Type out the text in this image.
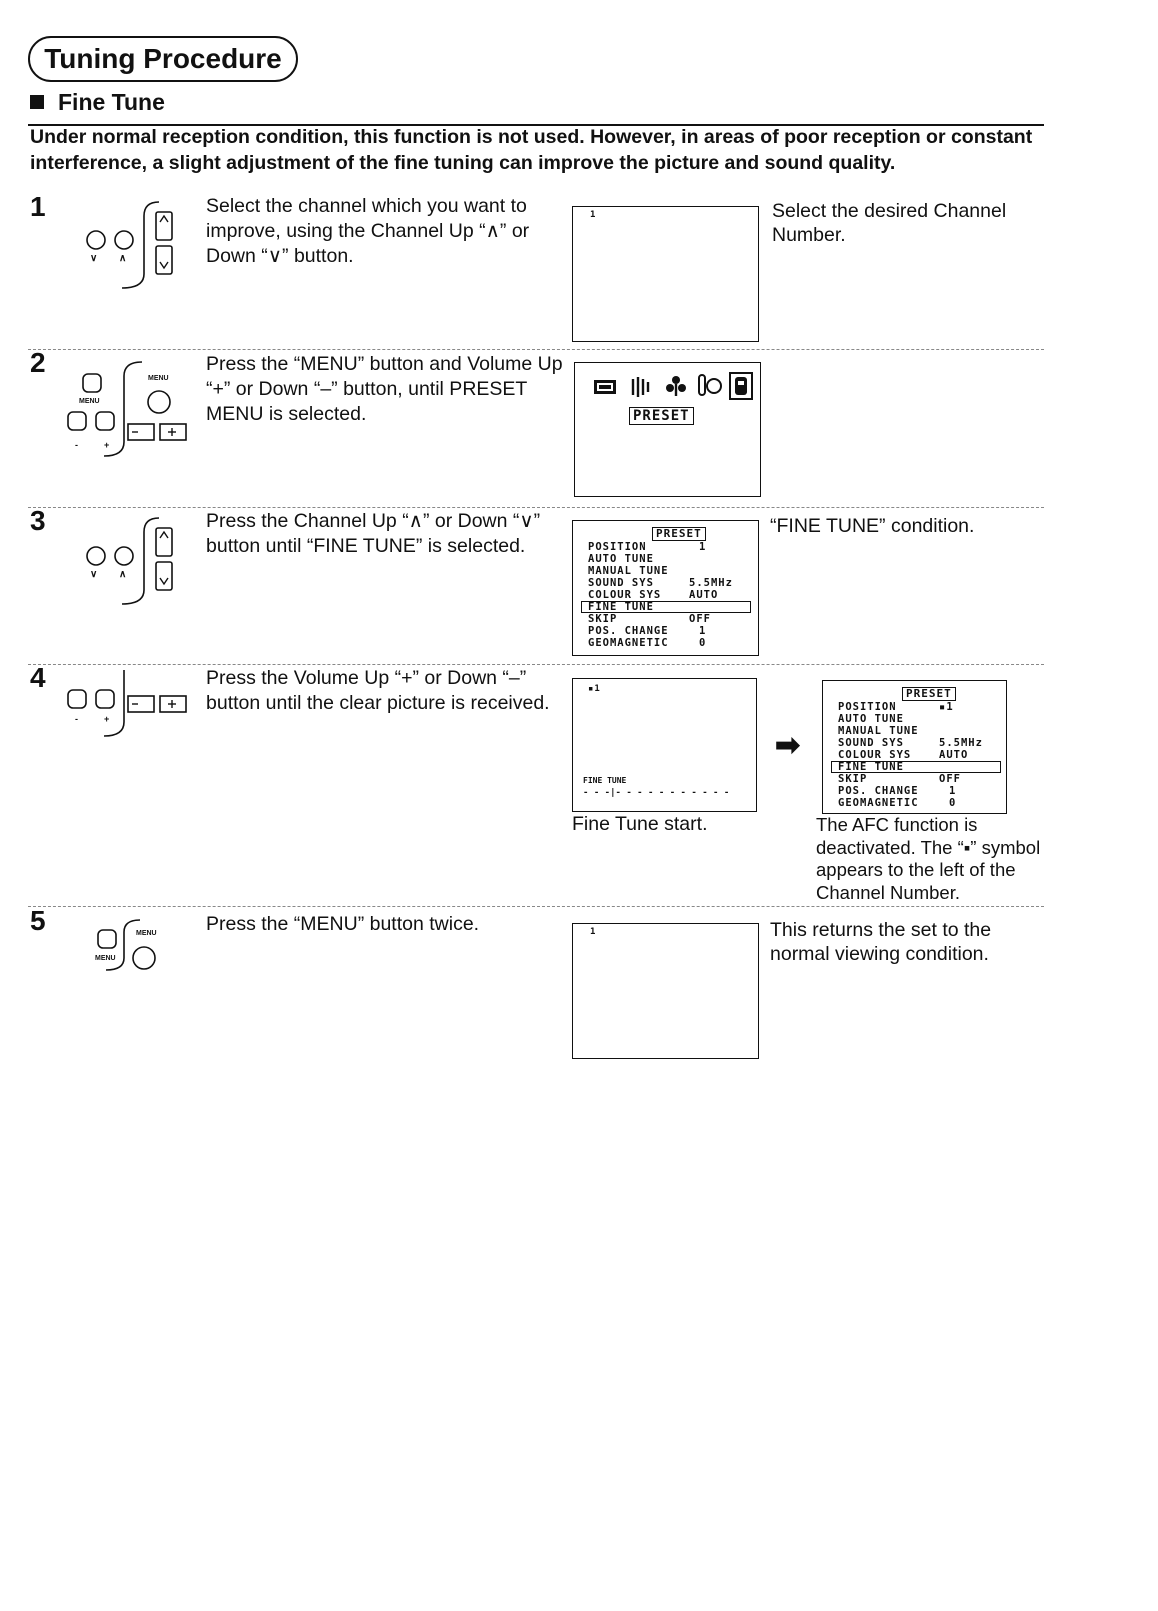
Tuning Procedure
Fine Tune
Under normal reception condition, this function is not used. However, in areas of poor reception or constant interference, a slight adjustment of the fine tuning can improve the picture and sound quality.
1
∨ ∧
Select the channel which you want to improve, using the Channel Up “∧” or Down “∨” button.
1	Select the desired Channel Number.
2
MENU
MENU
-	+
Press the “MENU” button and Volume Up “+” or Down “–” button, until PRESET MENU is selected.	PRESET
3
∨ ∧
Press the Channel Up “∧” or Down “∨” button until “FINE TUNE” is selected.
PRESET
POSITION	1
AUTO TUNE
MANUAL TUNE
SOUND SYS	5.5MHz
COLOUR SYS	AUTO
FINE TUNE
SKIP	OFF
POS. CHANGE	1
GEOMAGNETIC	0
“FINE TUNE” condition.
4
-	+
Press the Volume Up “+” or Down “–” button until the clear picture is received.
▪1
FINE TUNE
- - -|- - - - - - - - - - -
Fine Tune start.
➡
PRESET
POSITION	▪1
AUTO TUNE
MANUAL TUNE
SOUND SYS	5.5MHz
COLOUR SYS	AUTO
FINE TUNE
SKIP	OFF
POS. CHANGE	1
GEOMAGNETIC	0
The AFC function is deactivated. The “▪” symbol appears to the left of the Channel Number.
5
MENU
MENU	Press the “MENU” button twice.	1	This returns the set to the normal viewing condition.
